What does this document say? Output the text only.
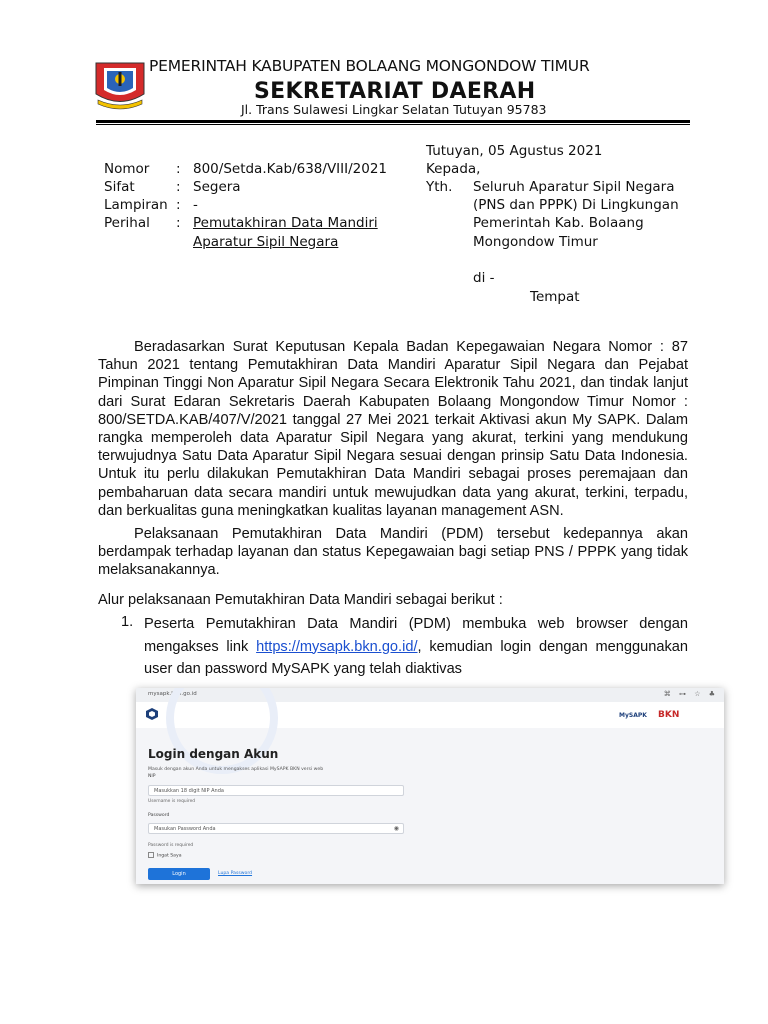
PEMERINTAH KABUPATEN BOLAANG MONGONDOW TIMUR
SEKRETARIAT DAERAH
Jl. Trans Sulawesi Lingkar Selatan Tutuyan 95783
Tutuyan, 05 Agustus 2021
Nomor : 800/Setda.Kab/638/VIII/2021
Sifat	: Segera
Lampiran : -
Perihal : Pemutakhiran Data Mandiri
Aparatur Sipil Negara
Kepada,
Yth. Seluruh Aparatur Sipil Negara
(PNS dan PPPK) Di Lingkungan
Pemerintah Kab. Bolaang
Mongondow Timur
di -
Tempat

Beradasarkan Surat Keputusan Kepala Badan Kepegawaian Negara Nomor : 87 Tahun 2021 tentang Pemutakhiran Data Mandiri Aparatur Sipil Negara dan Pejabat Pimpinan Tinggi Non Aparatur Sipil Negara Secara Elektronik Tahu 2021, dan tindak lanjut dari Surat Edaran Sekretaris Daerah Kabupaten Bolaang Mongondow Timur Nomor : 800/SETDA.KAB/407/V/2021 tanggal 27 Mei 2021 terkait Aktivasi akun My SAPK. Dalam rangka memperoleh data Aparatur Sipil Negara yang akurat, terkini yang mendukung terwujudnya Satu Data Aparatur Sipil Negara sesuai dengan prinsip Satu Data Indonesia. Untuk itu perlu dilakukan Pemutakhiran Data Mandiri sebagai proses peremajaan dan pembaharuan data secara mandiri untuk mewujudkan data yang akurat, terkini, terpadu, dan berkualitas guna meningkatkan kualitas layanan management ASN.

Pelaksanaan Pemutakhiran Data Mandiri (PDM) tersebut kedepannya akan berdampak terhadap layanan dan status Kepegawaian bagi setiap PNS / PPPK yang tidak melaksanakannya.

Alur pelaksanaan Pemutakhiran Data Mandiri sebagai berikut :

1. Peserta Pemutakhiran Data Mandiri (PDM) membuka web browser dengan mengakses link https://mysapk.bkn.go.id/, kemudian login dengan menggunakan user dan password MySAPK yang telah diaktivas
mysapk.bkn.go.id	⌘ ⊶ ☆ ♣
MySAPK BKN
Login dengan Akun
Masuk dengan akun Anda untuk mengakses aplikasi MySAPK BKN versi web
NIP
Masukkan 18 digit NIP Anda
Username is required
Password
Masukan Password Anda	◉
Password is required
Ingat Saya
Login	Lupa Password
